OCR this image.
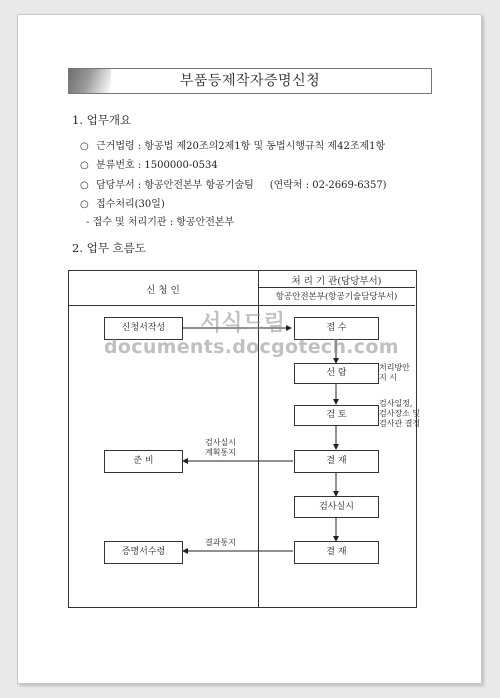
부품등제작자증명신청
1. 업무개요
○ 근거법령 : 항공법 제20조의2제1항 및 동법시행규칙 제42조제1항
○ 분류번호 : 1500000-0534
○ 담당부서 : 항공안전본부 항공기술팀     (연락처 : 02-2669-6357)
○ 접수처리(30일)
- 접수 및 처리기관 : 항공안전본부
2. 업무 흐름도
신 청 인
처 리 기 관(담당부서)
항공안전본부(항공기술담당부서)
신청서작성	접 수
선 람
검 토
결 재
검사실시
결 재
준 비
증명서수령
처리방안
지 시
검사일정,
검사장소 및
검사관 결정
검사실시
계획통지
결과통지
서식드림
documents.docgotech.com
